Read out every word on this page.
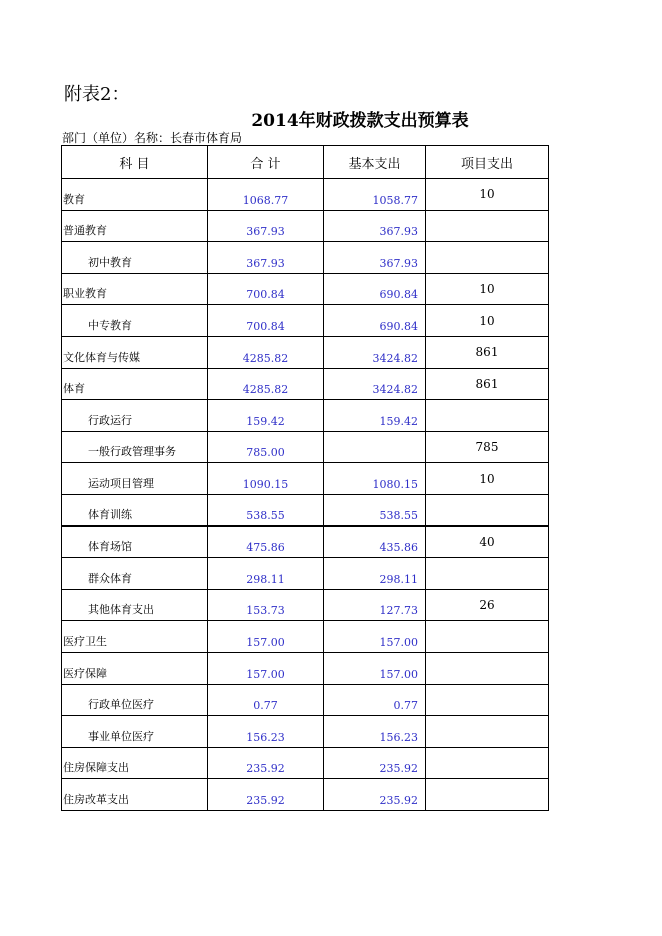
附表2：
2014年财政拨款支出预算表
部门（单位）名称：长春市体育局
科 目	合 计	基本支出	项目支出
教育	1068.77	1058.77	10
普通教育	367.93	367.93	
初中教育	367.93	367.93	
职业教育	700.84	690.84	10
中专教育	700.84	690.84	10
文化体育与传媒	4285.82	3424.82	861
体育	4285.82	3424.82	861
行政运行	159.42	159.42	
一般行政管理事务	785.00		785
运动项目管理	1090.15	1080.15	10
体育训练	538.55	538.55	
体育场馆	475.86	435.86	40
群众体育	298.11	298.11	
其他体育支出	153.73	127.73	26
医疗卫生	157.00	157.00	
医疗保障	157.00	157.00	
行政单位医疗	0.77	0.77	
事业单位医疗	156.23	156.23	
住房保障支出	235.92	235.92	
住房改革支出	235.92	235.92	
